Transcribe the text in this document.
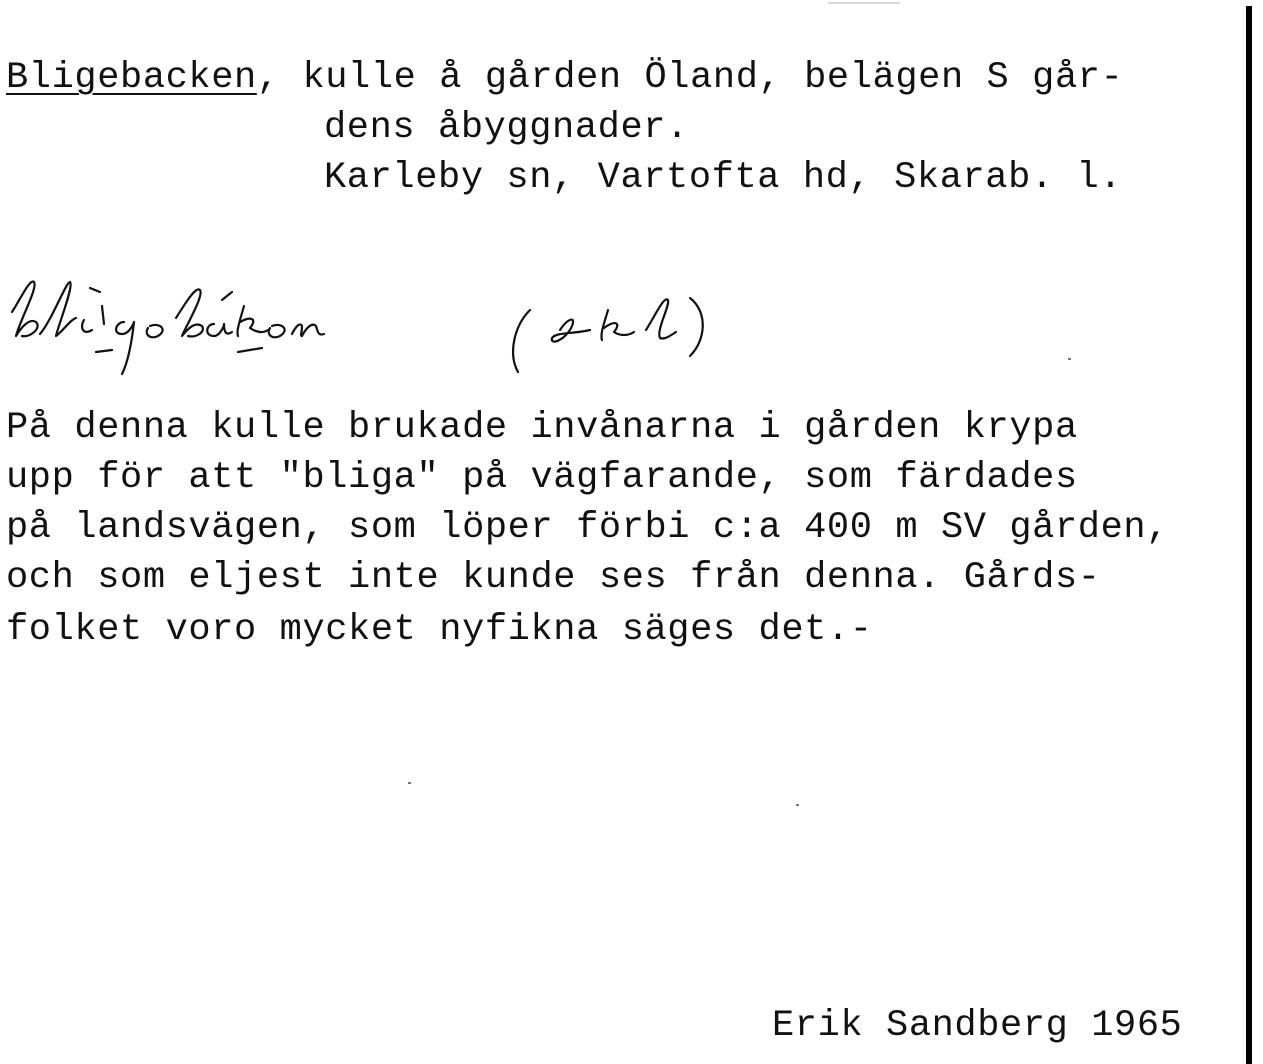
Bligebacken, kulle å gården Öland, belägen S går-
dens åbyggnader.
Karleby sn, Vartofta hd, Skarab. l.
På denna kulle brukade invånarna i gården krypa
upp för att "bliga" på vägfarande, som färdades
på landsvägen, som löper förbi c:a 400 m SV gården,
och som eljest inte kunde ses från denna. Gårds-
folket voro mycket nyfikna säges det.-
Erik Sandberg 1965
